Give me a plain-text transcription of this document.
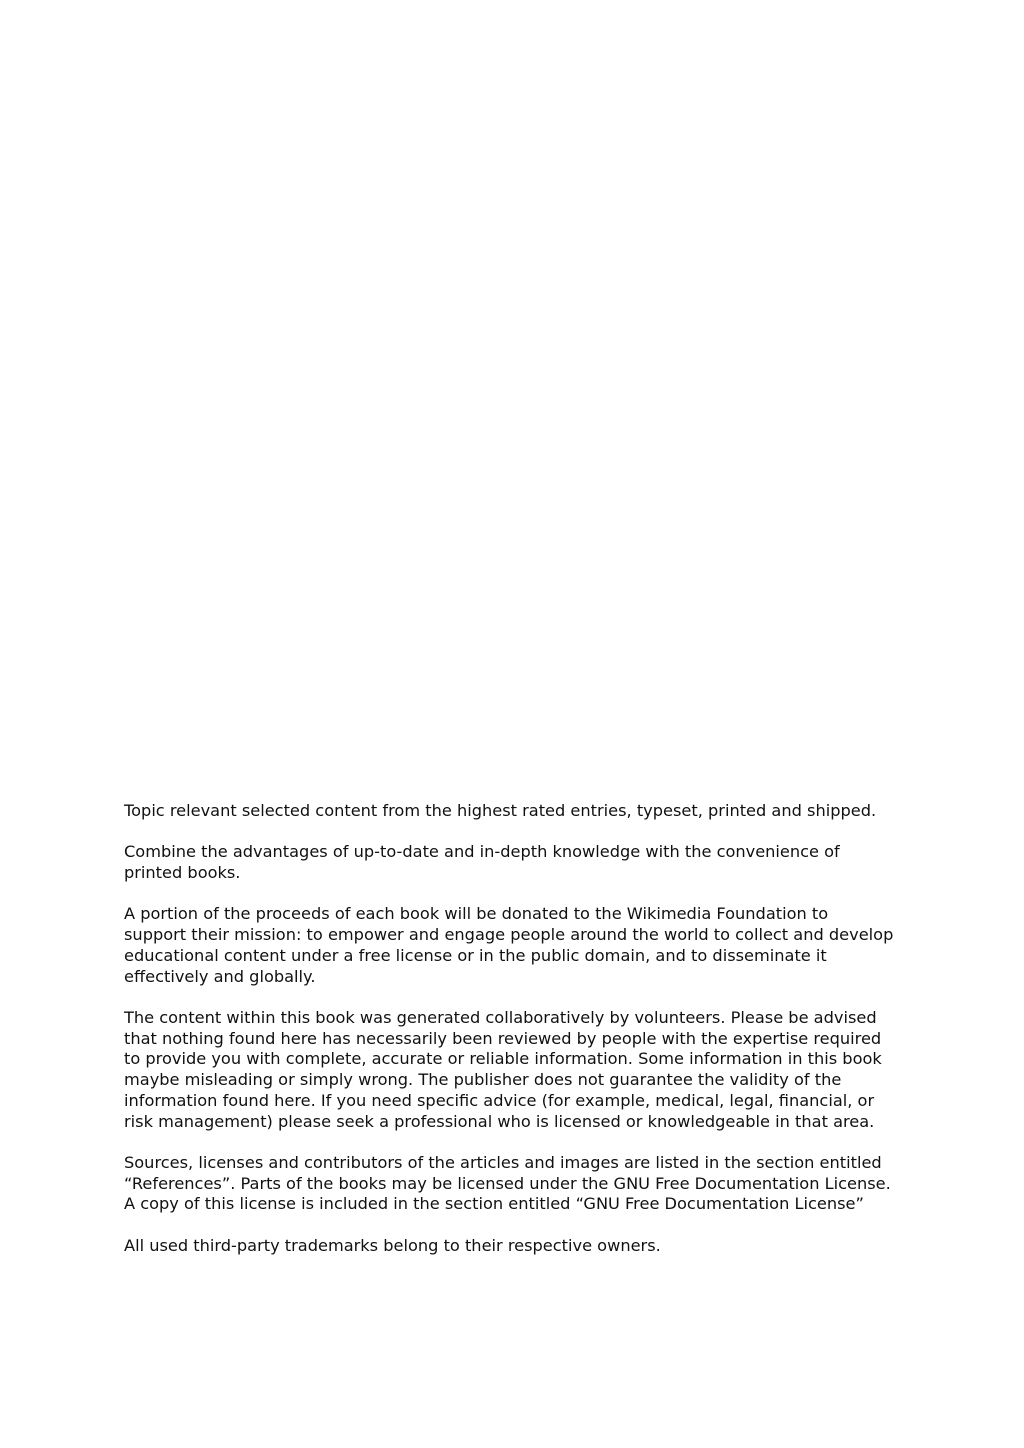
Topic relevant selected content from the highest rated entries, typeset, printed and shipped.

Combine the advantages of up-to-date and in-depth knowledge with the convenience of printed books.

A portion of the proceeds of each book will be donated to the Wikimedia Foundation to support their mission: to empower and engage people around the world to collect and develop educational content under a free license or in the public domain, and to disseminate it effectively and globally.

The content within this book was generated collaboratively by volunteers. Please be advised that nothing found here has necessarily been reviewed by people with the expertise required to provide you with complete, accurate or reliable information. Some information in this book maybe misleading or simply wrong. The publisher does not guarantee the validity of the information found here. If you need specific advice (for example, medical, legal, financial, or risk management) please seek a professional who is licensed or knowledgeable in that area.

Sources, licenses and contributors of the articles and images are listed in the section entitled “References”. Parts of the books may be licensed under the GNU Free Documentation License. A copy of this license is included in the section entitled “GNU Free Documentation License”

All used third-party trademarks belong to their respective owners.
